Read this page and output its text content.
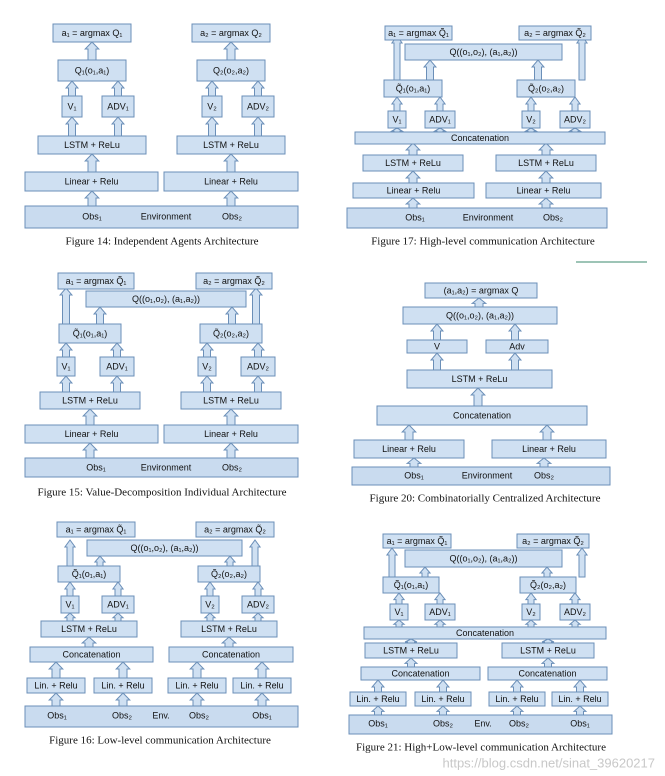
Obs₁	Environment	Obs₂
Linear + Relu
LSTM + ReLu
V₁	ADV₁
Q₁(o₁,a₁)
a₁ = argmax Q₁
Linear + Relu
LSTM + ReLu
V₂	ADV₂
Q₂(o₂,a₂)
a₂ = argmax Q₂
Figure 14: Independent Agents Architecture
Obs₁	Environment	Obs₂
Linear + Relu
LSTM + ReLu
Linear + Relu
LSTM + ReLu
Concatenation
V₁	ADV₁
Q̃₁(o₁,a₁)
V₂	ADV₂
Q̃₂(o₂,a₂)
Q((o₁,o₂), (a₁,a₂))
a₁ = argmax Q̃₁	a₂ = argmax Q̃₂
Figure 17: High-level communication Architecture
Obs₁	Environment	Obs₂
Linear + Relu
LSTM + ReLu
V₁	ADV₁
Q̃₁(o₁,a₁)
Linear + Relu
LSTM + ReLu
V₂	ADV₂
Q̃₂(o₂,a₂)
Q((o₁,o₂), (a₁,a₂))
a₁ = argmax Q̃₁	a₂ = argmax Q̃₂
Figure 15: Value-Decomposition Individual Architecture
Obs₁	Environment Obs₂
Linear + Relu	Linear + Relu
Concatenation
LSTM + ReLu
V	Adv
Q((o₁,o₂), (a₁,a₂))
(a₁,a₂) = argmax Q
Figure 20: Combinatorially Centralized Architecture
Obs₁	Obs₂ Env. Obs₂	Obs₁
Lin. + Relu	Lin. + Relu	Lin. + Relu Lin. + Relu
Concatenation
LSTM + ReLu
V₁	ADV₁
Q̃₁(o₁,a₁)
Concatenation
LSTM + ReLu
V₂	ADV₂
Q̃₂(o₂,a₂)
Q((o₁,o₂), (a₁,a₂))
a₁ = argmax Q̃₁	a₂ = argmax Q̃₂
Figure 16: Low-level communication Architecture
Obs₁	Obs₂ Env. Obs₂	Obs₁
Lin. + Relu Lin. + Relu	Lin. + Relu Lin. + Relu
Concatenation
LSTM + ReLu
Concatenation
LSTM + ReLu
Concatenation
V₁	ADV₁
Q̃₁(o₁,a₁)
V₂	ADV₂
Q̃₂(o₂,a₂)
Q((o₁,o₂), (a₁,a₂))
a₁ = argmax Q̃₁	a₂ = argmax Q̃₂
Figure 21: High+Low-level communication Architecture
https://blog.csdn.net/sinat_39620217
